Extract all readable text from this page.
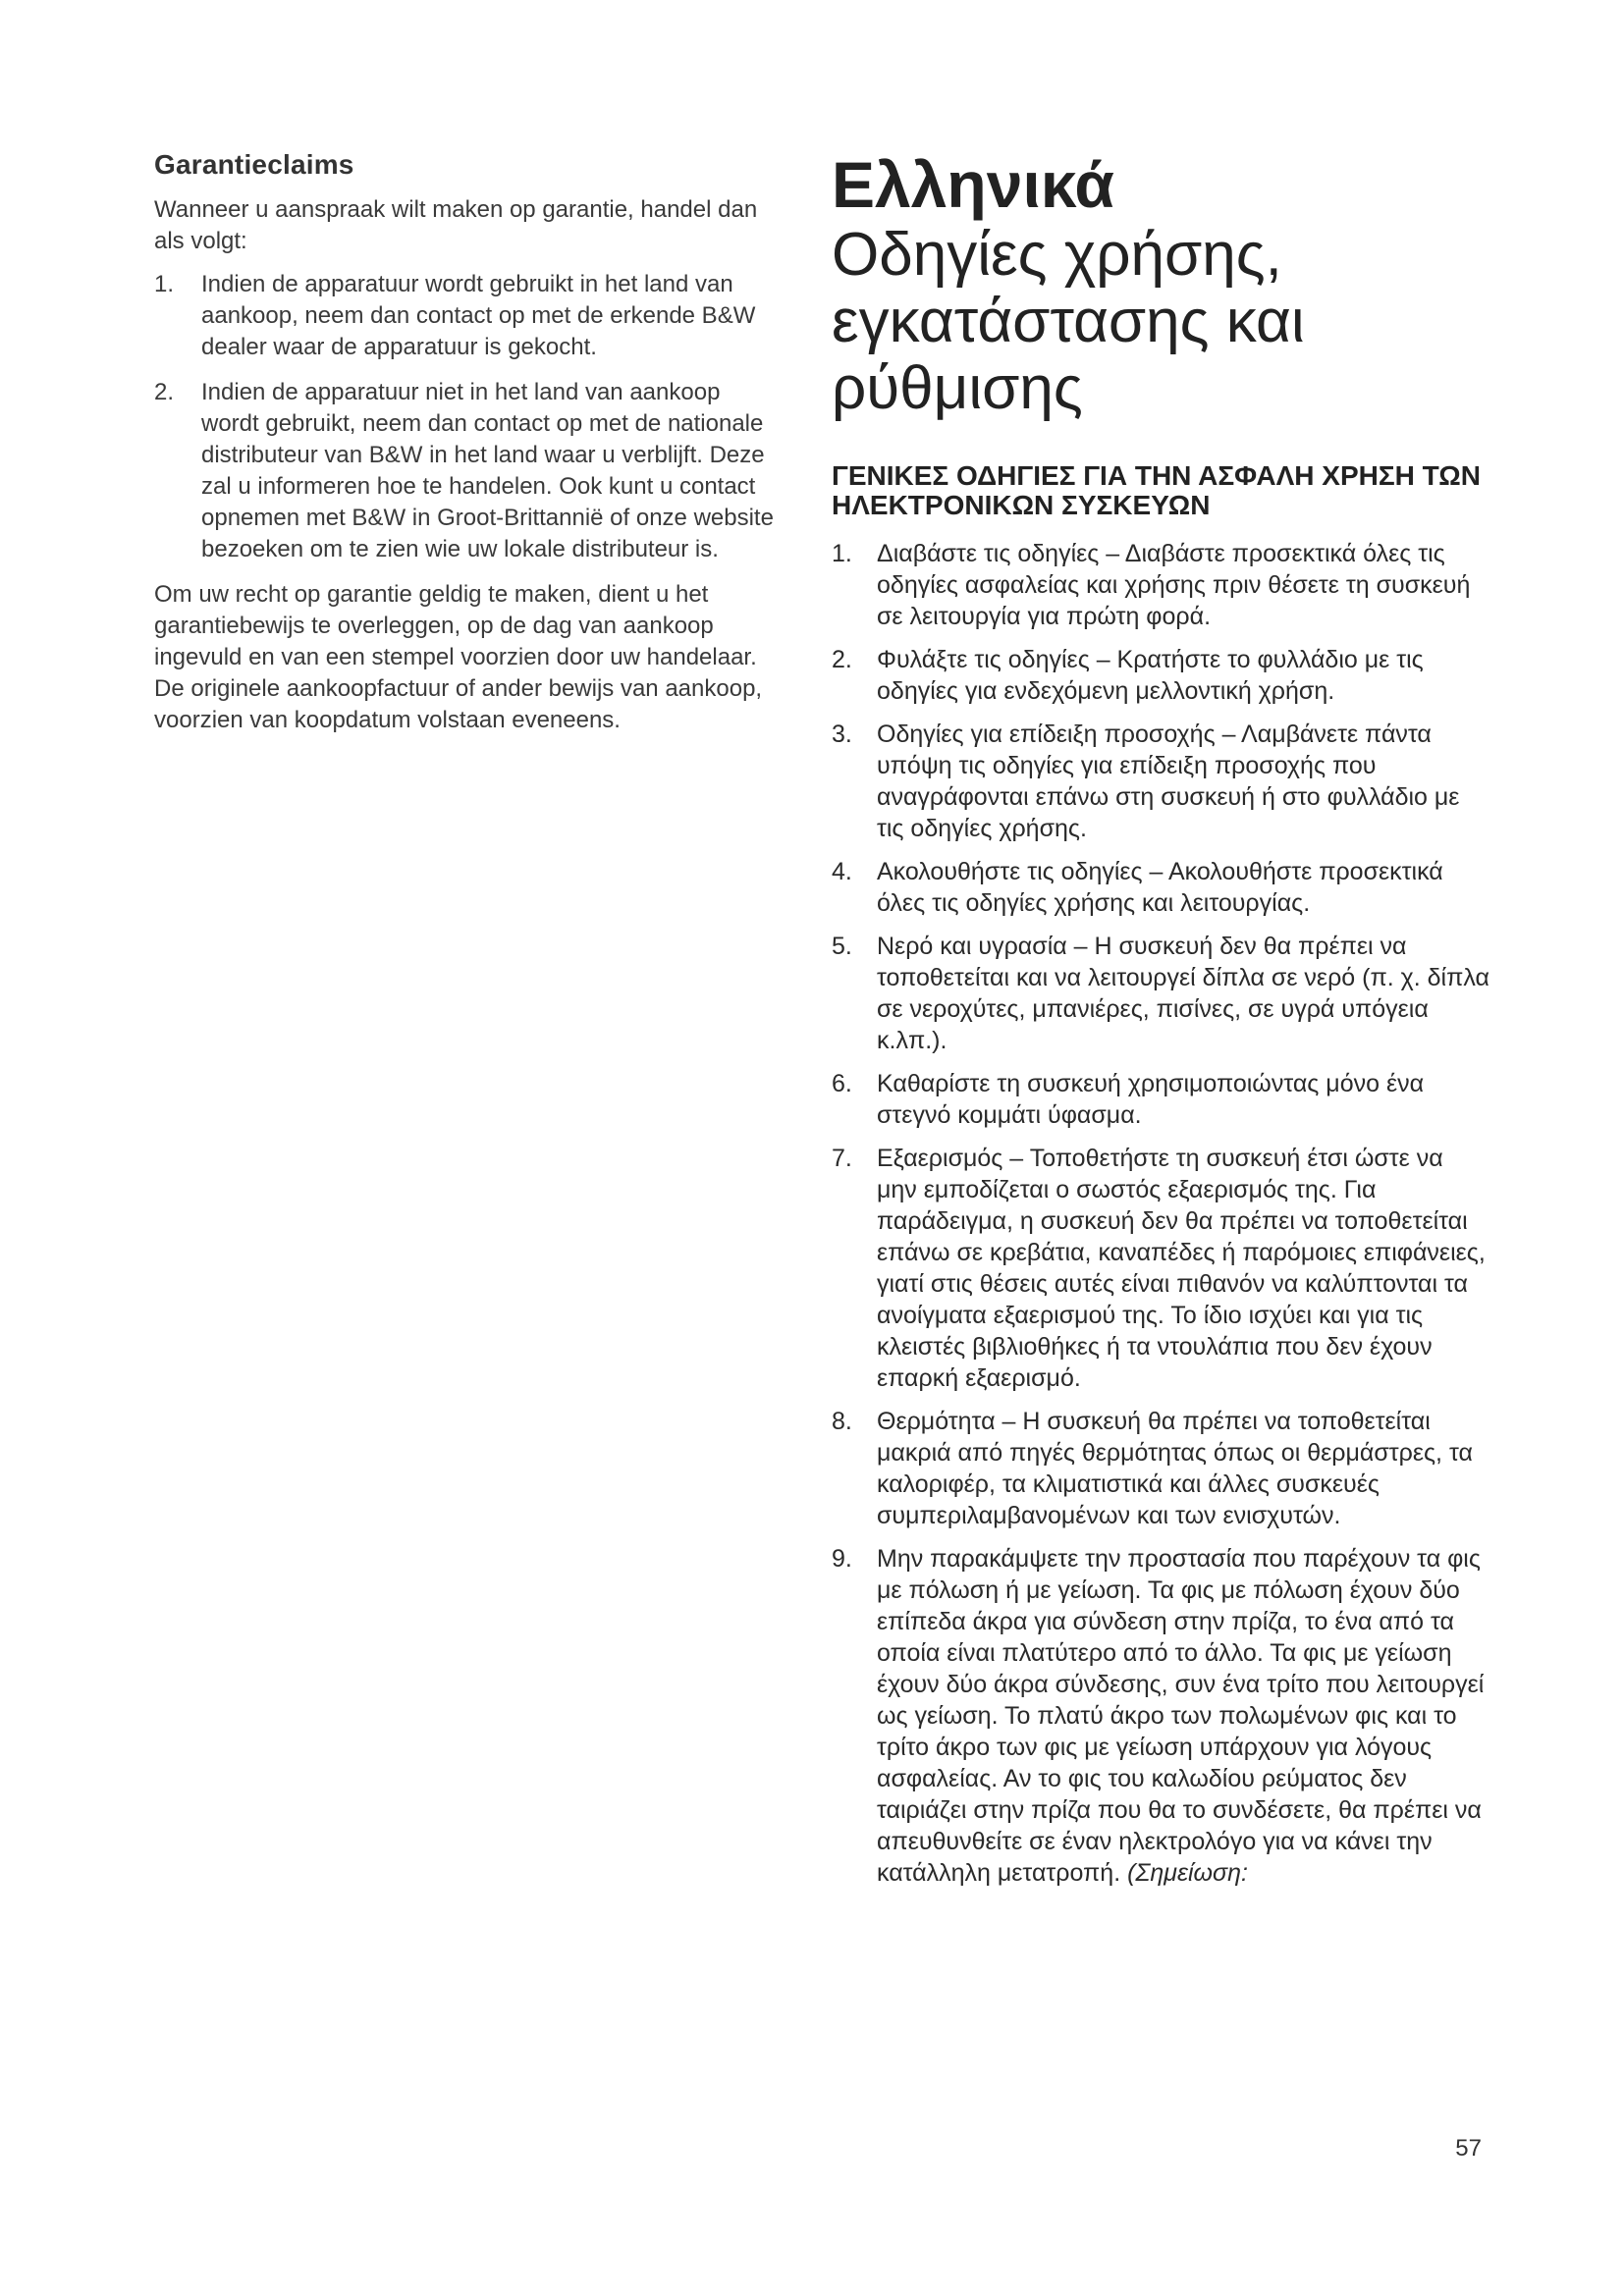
Garantieclaims

Wanneer u aanspraak wilt maken op garantie, handel dan als volgt:

1. Indien de apparatuur wordt gebruikt in het land van aankoop, neem dan contact op met de erkende B&W dealer waar de apparatuur is gekocht.
2. Indien de apparatuur niet in het land van aankoop wordt gebruikt, neem dan contact op met de nationale distributeur van B&W in het land waar u verblijft. Deze zal u informeren hoe te handelen. Ook kunt u contact opnemen met B&W in Groot-Brittannië of onze website bezoeken om te zien wie uw lokale distributeur is.

Om uw recht op garantie geldig te maken, dient u het garantiebewijs te overleggen, op de dag van aankoop ingevuld en van een stempel voorzien door uw handelaar. De originele aankoopfactuur of ander bewijs van aankoop, voorzien van koopdatum volstaan eveneens.

Ελληνικά
Οδηγίες χρήσης, εγκατάστασης και ρύθμισης
ΓΕΝΙΚΕΣ ΟΔΗΓΙΕΣ ΓΙΑ ΤΗΝ ΑΣΦΑΛΗ ΧΡΗΣΗ ΤΩΝ ΗΛΕΚΤΡΟΝΙΚΩΝ ΣΥΣΚΕΥΩΝ
1. Διαβάστε τις οδηγίες – Διαβάστε προσεκτικά όλες τις οδηγίες ασφαλείας και χρήσης πριν θέσετε τη συσκευή σε λειτουργία για πρώτη φορά.
2. Φυλάξτε τις οδηγίες – Κρατήστε το φυλλάδιο με τις οδηγίες για ενδεχόμενη μελλοντική χρήση.
3. Οδηγίες για επίδειξη προσοχής – Λαμβάνετε πάντα υπόψη τις οδηγίες για επίδειξη προσοχής που αναγράφονται επάνω στη συσκευή ή στο φυλλάδιο με τις οδηγίες χρήσης.
4. Ακολουθήστε τις οδηγίες – Ακολουθήστε προσεκτικά όλες τις οδηγίες χρήσης και λειτουργίας.
5. Νερό και υγρασία – Η συσκευή δεν θα πρέπει να τοποθετείται και να λειτουργεί δίπλα σε νερό (π. χ. δίπλα σε νεροχύτες, μπανιέρες, πισίνες, σε υγρά υπόγεια κ.λπ.).
6. Καθαρίστε τη συσκευή χρησιμοποιώντας μόνο ένα στεγνό κομμάτι ύφασμα.
7. Εξαερισμός – Τοποθετήστε τη συσκευή έτσι ώστε να μην εμποδίζεται ο σωστός εξαερισμός της. Για παράδειγμα, η συσκευή δεν θα πρέπει να τοποθετείται επάνω σε κρεβάτια, καναπέδες ή παρόμοιες επιφάνειες, γιατί στις θέσεις αυτές είναι πιθανόν να καλύπτονται τα ανοίγματα εξαερισμού της. Το ίδιο ισχύει και για τις κλειστές βιβλιοθήκες ή τα ντουλάπια που δεν έχουν επαρκή εξαερισμό.
8. Θερμότητα – Η συσκευή θα πρέπει να τοποθετείται μακριά από πηγές θερμότητας όπως οι θερμάστρες, τα καλοριφέρ, τα κλιματιστικά και άλλες συσκευές συμπεριλαμβανομένων και των ενισχυτών.
9. Μην παρακάμψετε την προστασία που παρέχουν τα φις με πόλωση ή με γείωση. Τα φις με πόλωση έχουν δύο επίπεδα άκρα για σύνδεση στην πρίζα, το ένα από τα οποία είναι πλατύτερο από το άλλο. Τα φις με γείωση έχουν δύο άκρα σύνδεσης, συν ένα τρίτο που λειτουργεί ως γείωση. Το πλατύ άκρο των πολωμένων φις και το τρίτο άκρο των φις με γείωση υπάρχουν για λόγους ασφαλείας. Αν το φις του καλωδίου ρεύματος δεν ταιριάζει στην πρίζα που θα το συνδέσετε, θα πρέπει να απευθυνθείτε σε έναν ηλεκτρολόγο για να κάνει την κατάλληλη μετατροπή. (Σημείωση:
57
